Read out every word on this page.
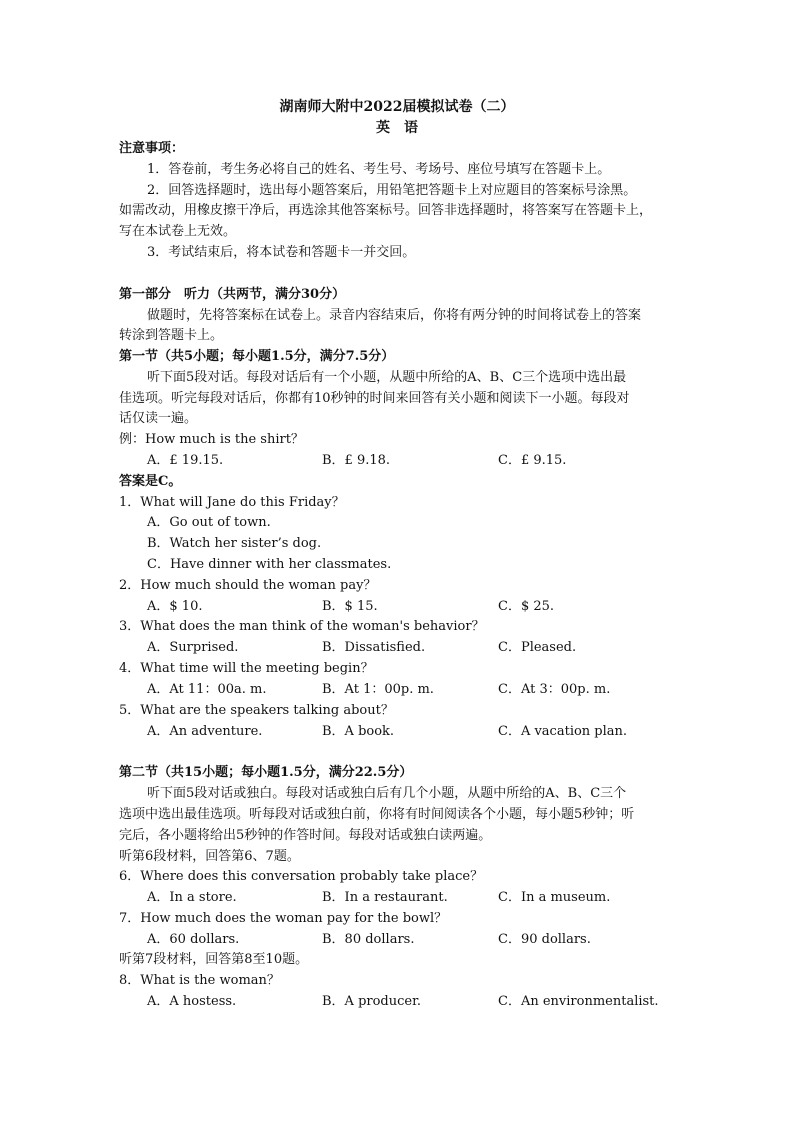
湖南师大附中2022届模拟试卷（二）
英　语
注意事项：
1．答卷前，考生务必将自己的姓名、考生号、考场号、座位号填写在答题卡上。
2．回答选择题时，选出每小题答案后，用铅笔把答题卡上对应题目的答案标号涂黑。
如需改动，用橡皮擦干净后，再选涂其他答案标号。回答非选择题时，将答案写在答题卡上，
写在本试卷上无效。
3．考试结束后，将本试卷和答题卡一并交回。
第一部分　听力（共两节，满分30分）
做题时，先将答案标在试卷上。录音内容结束后，你将有两分钟的时间将试卷上的答案
转涂到答题卡上。
第一节（共5小题；每小题1.5分，满分7.5分）
听下面5段对话。每段对话后有一个小题，从题中所给的A、B、C三个选项中选出最
佳选项。听完每段对话后，你都有10秒钟的时间来回答有关小题和阅读下一小题。每段对
话仅读一遍。
例：How much is the shirt？
A．£ 19.15.	B．£ 9.18.	C．£ 9.15.
答案是C。
1．What will Jane do this Friday？
A．Go out of town.
B．Watch her sister’s dog.
C．Have dinner with her classmates.
2．How much should the woman pay？
A．$ 10.	B．$ 15.	C．$ 25.
3．What does the man think of the woman's behavior？
A．Surprised.	B．Dissatisfied.	C．Pleased.
4．What time will the meeting begin？
A．At 11：00a. m.	B．At 1：00p. m.	C．At 3：00p. m.
5．What are the speakers talking about？
A．An adventure.	B．A book.	C．A vacation plan.
第二节（共15小题；每小题1.5分，满分22.5分）
听下面5段对话或独白。每段对话或独白后有几个小题，从题中所给的A、B、C三个
选项中选出最佳选项。听每段对话或独白前，你将有时间阅读各个小题，每小题5秒钟；听
完后，各小题将给出5秒钟的作答时间。每段对话或独白读两遍。
听第6段材料，回答第6、7题。
6．Where does this conversation probably take place？
A．In a store.	B．In a restaurant.	C．In a museum.
7．How much does the woman pay for the bowl？
A．60 dollars.	B．80 dollars.	C．90 dollars.
听第7段材料，回答第8至10题。
8．What is the woman？
A．A hostess.	B．A producer.	C．An environmentalist.
